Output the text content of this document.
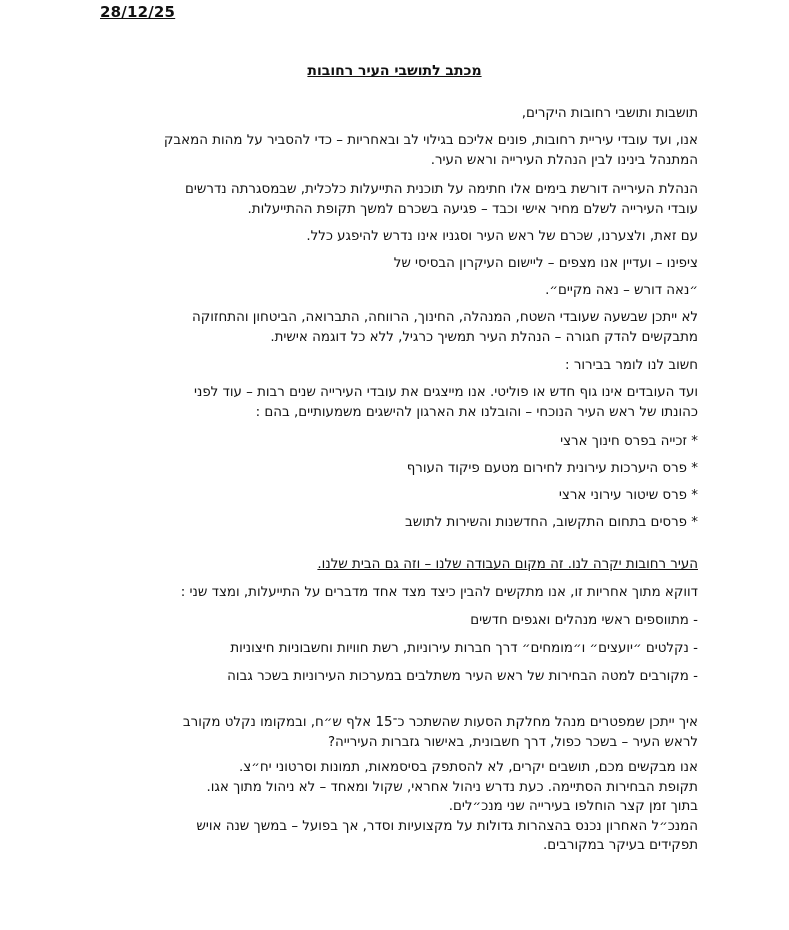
28/12/25
מכתב לתושבי העיר רחובות
תושבות ותושבי רחובות היקרים,
אנו, ועד עובדי עיריית רחובות, פונים אליכם בגילוי לב ובאחריות – כדי להסביר על מהות המאבק
המתנהל בינינו לבין הנהלת העירייה וראש העיר.
הנהלת העירייה דורשת בימים אלו חתימה על תוכנית התייעלות כלכלית, שבמסגרתה נדרשים
עובדי העירייה לשלם מחיר אישי וכבד – פגיעה בשכרם למשך תקופת ההתייעלות.
עם זאת, ולצערנו, שכרם של ראש העיר וסגניו אינו נדרש להיפגע כלל.
ציפינו – ועדיין אנו מצפים – ליישום העיקרון הבסיסי של
״נאה דורש – נאה מקיים״.
לא ייתכן שבשעה שעובדי השטח, המנהלה, החינוך, הרווחה, התברואה, הביטחון והתחזוקה
מתבקשים להדק חגורה – הנהלת העיר תמשיך כרגיל, ללא כל דוגמה אישית.
חשוב לנו לומר בבירור :
ועד העובדים אינו גוף חדש או פוליטי. אנו מייצגים את עובדי העירייה שנים רבות – עוד לפני
כהונתו של ראש העיר הנוכחי – והובלנו את הארגון להישגים משמעותיים, בהם :
* זכייה בפרס חינוך ארצי
* פרס היערכות עירונית לחירום מטעם פיקוד העורף
* פרס שיטור עירוני ארצי
* פרסים בתחום התקשוב, החדשנות והשירות לתושב
העיר רחובות יקרה לנו. זה מקום העבודה שלנו – וזה גם הבית שלנו.
דווקא מתוך אחריות זו, אנו מתקשים להבין כיצד מצד אחד מדברים על התייעלות, ומצד שני :
- מתווספים ראשי מנהלים ואגפים חדשים
- נקלטים ״יועצים״ ו״מומחים״ דרך חברות עירוניות, רשת חוויות וחשבוניות חיצוניות
- מקורבים למטה הבחירות של ראש העיר משתלבים במערכות העירוניות בשכר גבוה
איך ייתכן שמפטרים מנהל מחלקת הסעות שהשתכר כ־15 אלף ש״ח, ובמקומו נקלט מקורב
לראש העיר – בשכר כפול, דרך חשבונית, באישור גזברות העירייה?
אנו מבקשים מכם, תושבים יקרים, לא להסתפק בסיסמאות, תמונות וסרטוני יח״צ.
תקופת הבחירות הסתיימה. כעת נדרש ניהול אחראי, שקול ומאחד – לא ניהול מתוך אגו.
בתוך זמן קצר הוחלפו בעירייה שני מנכ״לים.
המנכ״ל האחרון נכנס בהצהרות גדולות על מקצועיות וסדר, אך בפועל – במשך שנה אויש
תפקידים בעיקר במקורבים.
